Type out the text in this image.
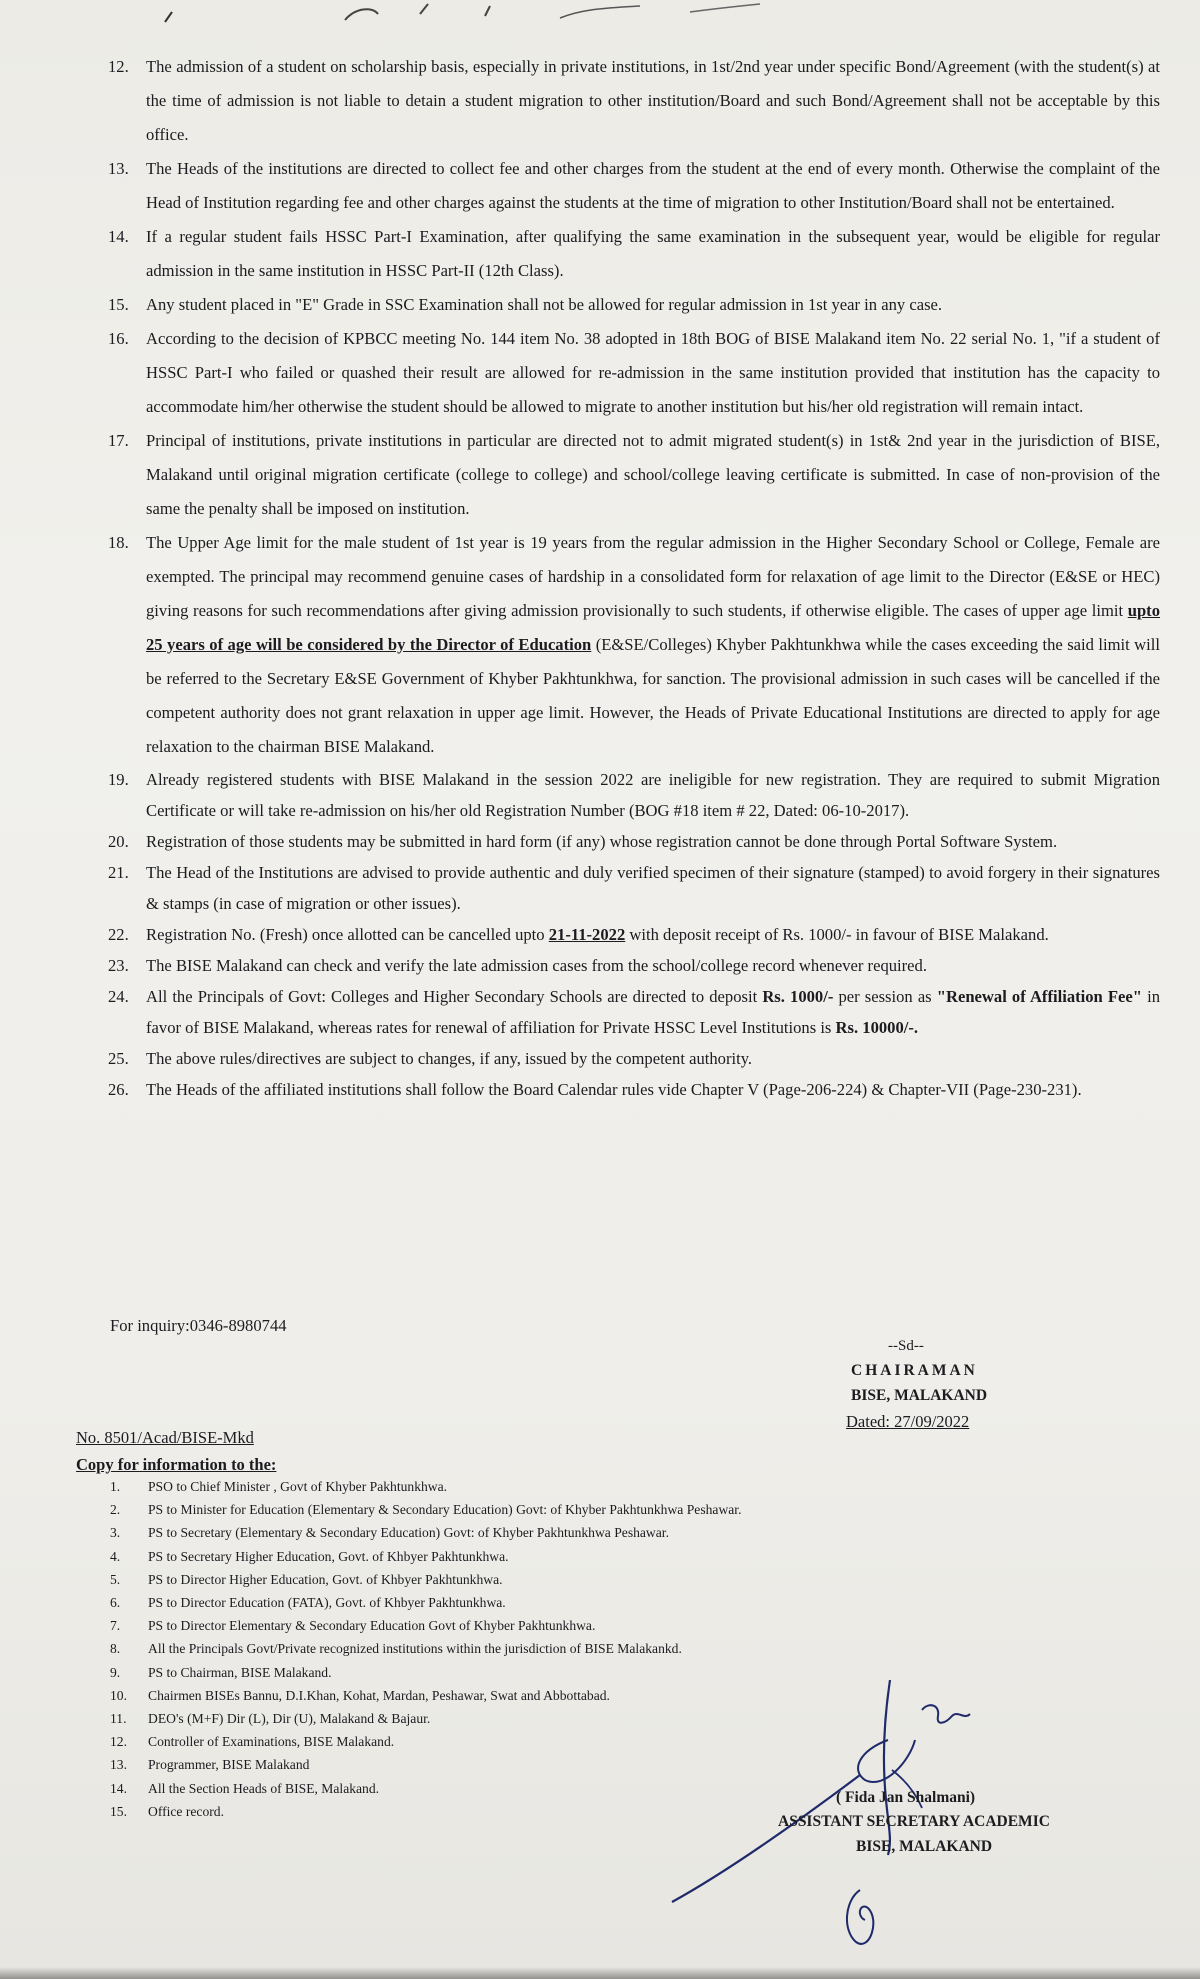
12.	The admission of a student on scholarship basis, especially in private institutions, in 1st/2nd year under specific Bond/Agreement (with the student(s) at the time of admission is not liable to detain a student migration to other institution/Board and such Bond/Agreement shall not be acceptable by this office.
13.	The Heads of the institutions are directed to collect fee and other charges from the student at the end of every month. Otherwise the complaint of the Head of Institution regarding fee and other charges against the students at the time of migration to other Institution/Board shall not be entertained.
14.	If a regular student fails HSSC Part-I Examination, after qualifying the same examination in the subsequent year, would be eligible for regular admission in the same institution in HSSC Part-II (12th Class).
15.	Any student placed in "E" Grade in SSC Examination shall not be allowed for regular admission in 1st year in any case.
16.	According to the decision of KPBCC meeting No. 144 item No. 38 adopted in 18th BOG of BISE Malakand item No. 22 serial No. 1, "if a student of HSSC Part-I who failed or quashed their result are allowed for re-admission in the same institution provided that institution has the capacity to accommodate him/her otherwise the student should be allowed to migrate to another institution but his/her old registration will remain intact.
17.	Principal of institutions, private institutions in particular are directed not to admit migrated student(s) in 1st& 2nd year in the jurisdiction of BISE, Malakand until original migration certificate (college to college) and school/college leaving certificate is submitted. In case of non-provision of the same the penalty shall be imposed on institution.
18.	The Upper Age limit for the male student of 1st year is 19 years from the regular admission in the Higher Secondary School or College, Female are exempted. The principal may recommend genuine cases of hardship in a consolidated form for relaxation of age limit to the Director (E&SE or HEC) giving reasons for such recommendations after giving admission provisionally to such students, if otherwise eligible. The cases of upper age limit upto 25 years of age will be considered by the Director of Education (E&SE/Colleges) Khyber Pakhtunkhwa while the cases exceeding the said limit will be referred to the Secretary E&SE Government of Khyber Pakhtunkhwa, for sanction. The provisional admission in such cases will be cancelled if the competent authority does not grant relaxation in upper age limit. However, the Heads of Private Educational Institutions are directed to apply for age relaxation to the chairman BISE Malakand.
19.	Already registered students with BISE Malakand in the session 2022 are ineligible for new registration. They are required to submit Migration Certificate or will take re-admission on his/her old Registration Number (BOG #18 item # 22, Dated: 06-10-2017).
20.	Registration of those students may be submitted in hard form (if any) whose registration cannot be done through Portal Software System.
21.	The Head of the Institutions are advised to provide authentic and duly verified specimen of their signature (stamped) to avoid forgery in their signatures & stamps (in case of migration or other issues).
22.	Registration No. (Fresh) once allotted can be cancelled upto 21-11-2022 with deposit receipt of Rs. 1000/- in favour of BISE Malakand.
23.	The BISE Malakand can check and verify the late admission cases from the school/college record whenever required.
24.	All the Principals of Govt: Colleges and Higher Secondary Schools are directed to deposit Rs. 1000/- per session as "Renewal of Affiliation Fee" in favor of BISE Malakand, whereas rates for renewal of affiliation for Private HSSC Level Institutions is Rs. 10000/-.
25.	The above rules/directives are subject to changes, if any, issued by the competent authority.
26.	The Heads of the affiliated institutions shall follow the Board Calendar rules vide Chapter V (Page-206-224) & Chapter-VII (Page-230-231).
For inquiry:0346-8980744
--Sd--
CHAIRAMAN
BISE, MALAKAND
Dated: 27/09/2022
No. 8501/Acad/BISE-Mkd
Copy for information to the:
1.	PSO to Chief Minister , Govt of Khyber Pakhtunkhwa.
2.	PS to Minister for Education (Elementary & Secondary Education) Govt: of Khyber Pakhtunkhwa Peshawar.
3.	PS to Secretary (Elementary & Secondary Education) Govt: of Khyber Pakhtunkhwa Peshawar.
4.	PS to Secretary Higher Education, Govt. of Khbyer Pakhtunkhwa.
5.	PS to Director Higher Education, Govt. of Khbyer Pakhtunkhwa.
6.	PS to Director Education (FATA), Govt. of Khbyer Pakhtunkhwa.
7.	PS to Director Elementary & Secondary Education Govt of Khyber Pakhtunkhwa.
8.	All the Principals Govt/Private recognized institutions within the jurisdiction of BISE Malakankd.
9.	PS to Chairman, BISE Malakand.
10.	Chairmen BISEs Bannu, D.I.Khan, Kohat, Mardan, Peshawar, Swat and Abbottabad.
11.	DEO's (M+F) Dir (L), Dir (U), Malakand & Bajaur.
12.	Controller of Examinations, BISE Malakand.
13.	Programmer, BISE Malakand
14.	All the Section Heads of BISE, Malakand.
15.	Office record.
( Fida Jan Shalmani)
ASSISTANT SECRETARY ACADEMIC
BISE, MALAKAND
